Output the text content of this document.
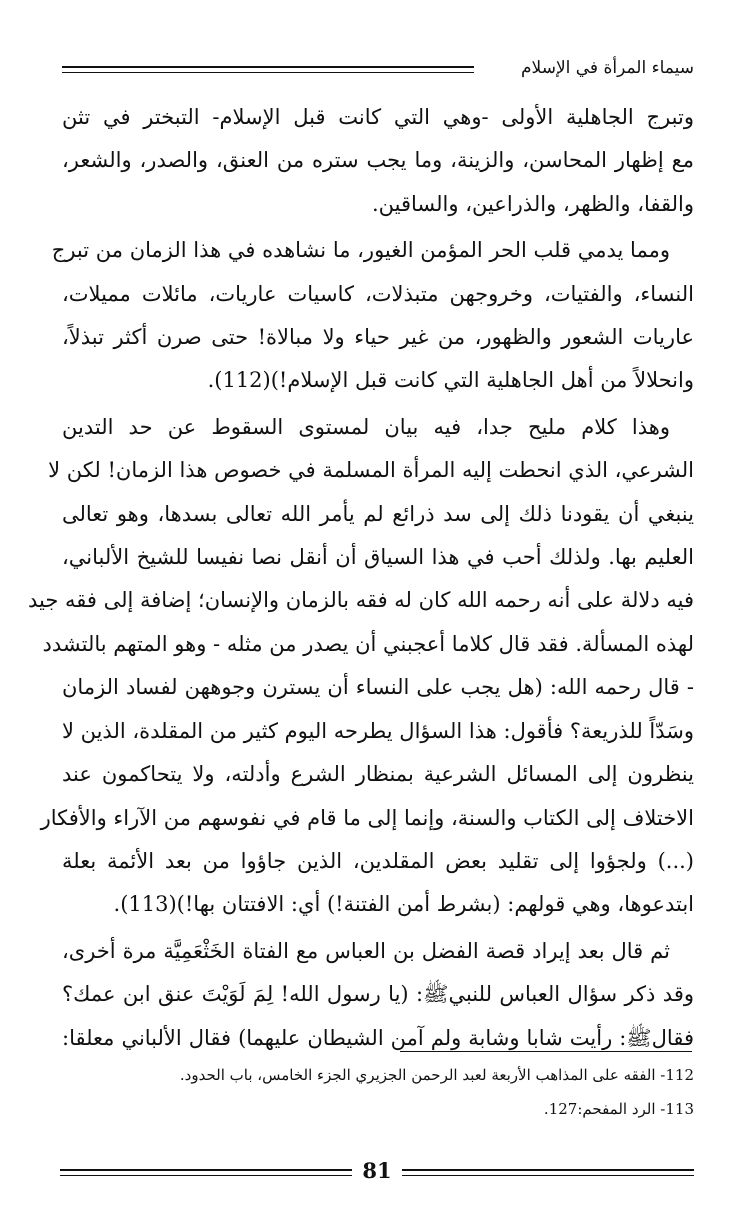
سيماء المرأة في الإسلام
وتبرج الجاهلية الأولى -وهي التي كانت قبل الإسلام- التبختر في تثن
مع إظهار المحاسن، والزينة، وما يجب ستره من العنق، والصدر، والشعر،
والقفا، والظهر، والذراعين، والساقين.
ومما يدمي قلب الحر المؤمن الغيور، ما نشاهده في هذا الزمان من تبرج
النساء، والفتيات، وخروجهن متبذلات، كاسيات عاريات، مائلات مميلات،
عاريات الشعور والظهور، من غير حياء ولا مبالاة! حتى صرن أكثر تبذلاً،
وانحلالاً من أهل الجاهلية التي كانت قبل الإسلام!)(112).
وهذا كلام مليح جدا، فيه بيان لمستوى السقوط عن حد التدين
الشرعي، الذي انحطت إليه المرأة المسلمة في خصوص هذا الزمان! لكن لا
ينبغي أن يقودنا ذلك إلى سد ذرائع لم يأمر الله تعالى بسدها، وهو تعالى
العليم بها. ولذلك أحب في هذا السياق أن أنقل نصا نفيسا للشيخ الألباني،
فيه دلالة على أنه رحمه الله كان له فقه بالزمان والإنسان؛ إضافة إلى فقه جيد
لهذه المسألة. فقد قال كلاما أعجبني أن يصدر من مثله - وهو المتهم بالتشدد
- قال رحمه الله: (هل يجب على النساء أن يسترن وجوههن لفساد الزمان
وسَدّاً للذريعة؟ فأقول: هذا السؤال يطرحه اليوم كثير من المقلدة، الذين لا
ينظرون إلى المسائل الشرعية بمنظار الشرع وأدلته، ولا يتحاكمون عند
الاختلاف إلى الكتاب والسنة، وإنما إلى ما قام في نفوسهم من الآراء والأفكار
(...) ولجؤوا إلى تقليد بعض المقلدين، الذين جاؤوا من بعد الأئمة بعلة
ابتدعوها، وهي قولهم: (بشرط أمن الفتنة!) أي: الافتتان بها!)(113).
ثم قال بعد إيراد قصة الفضل بن العباس مع الفتاة الخَثْعَمِيَّة مرة أخرى،
وقد ذكر سؤال العباس للنبيﷺ: (يا رسول الله! لِمَ لَوَيْتَ عنق ابن عمك؟
فقالﷺ: رأيت شابا وشابة ولم آمن الشيطان عليهما) فقال الألباني معلقا:
112- الفقه على المذاهب الأربعة لعبد الرحمن الجزيري الجزء الخامس، باب الحدود.
113- الرد المفحم:127.
81
